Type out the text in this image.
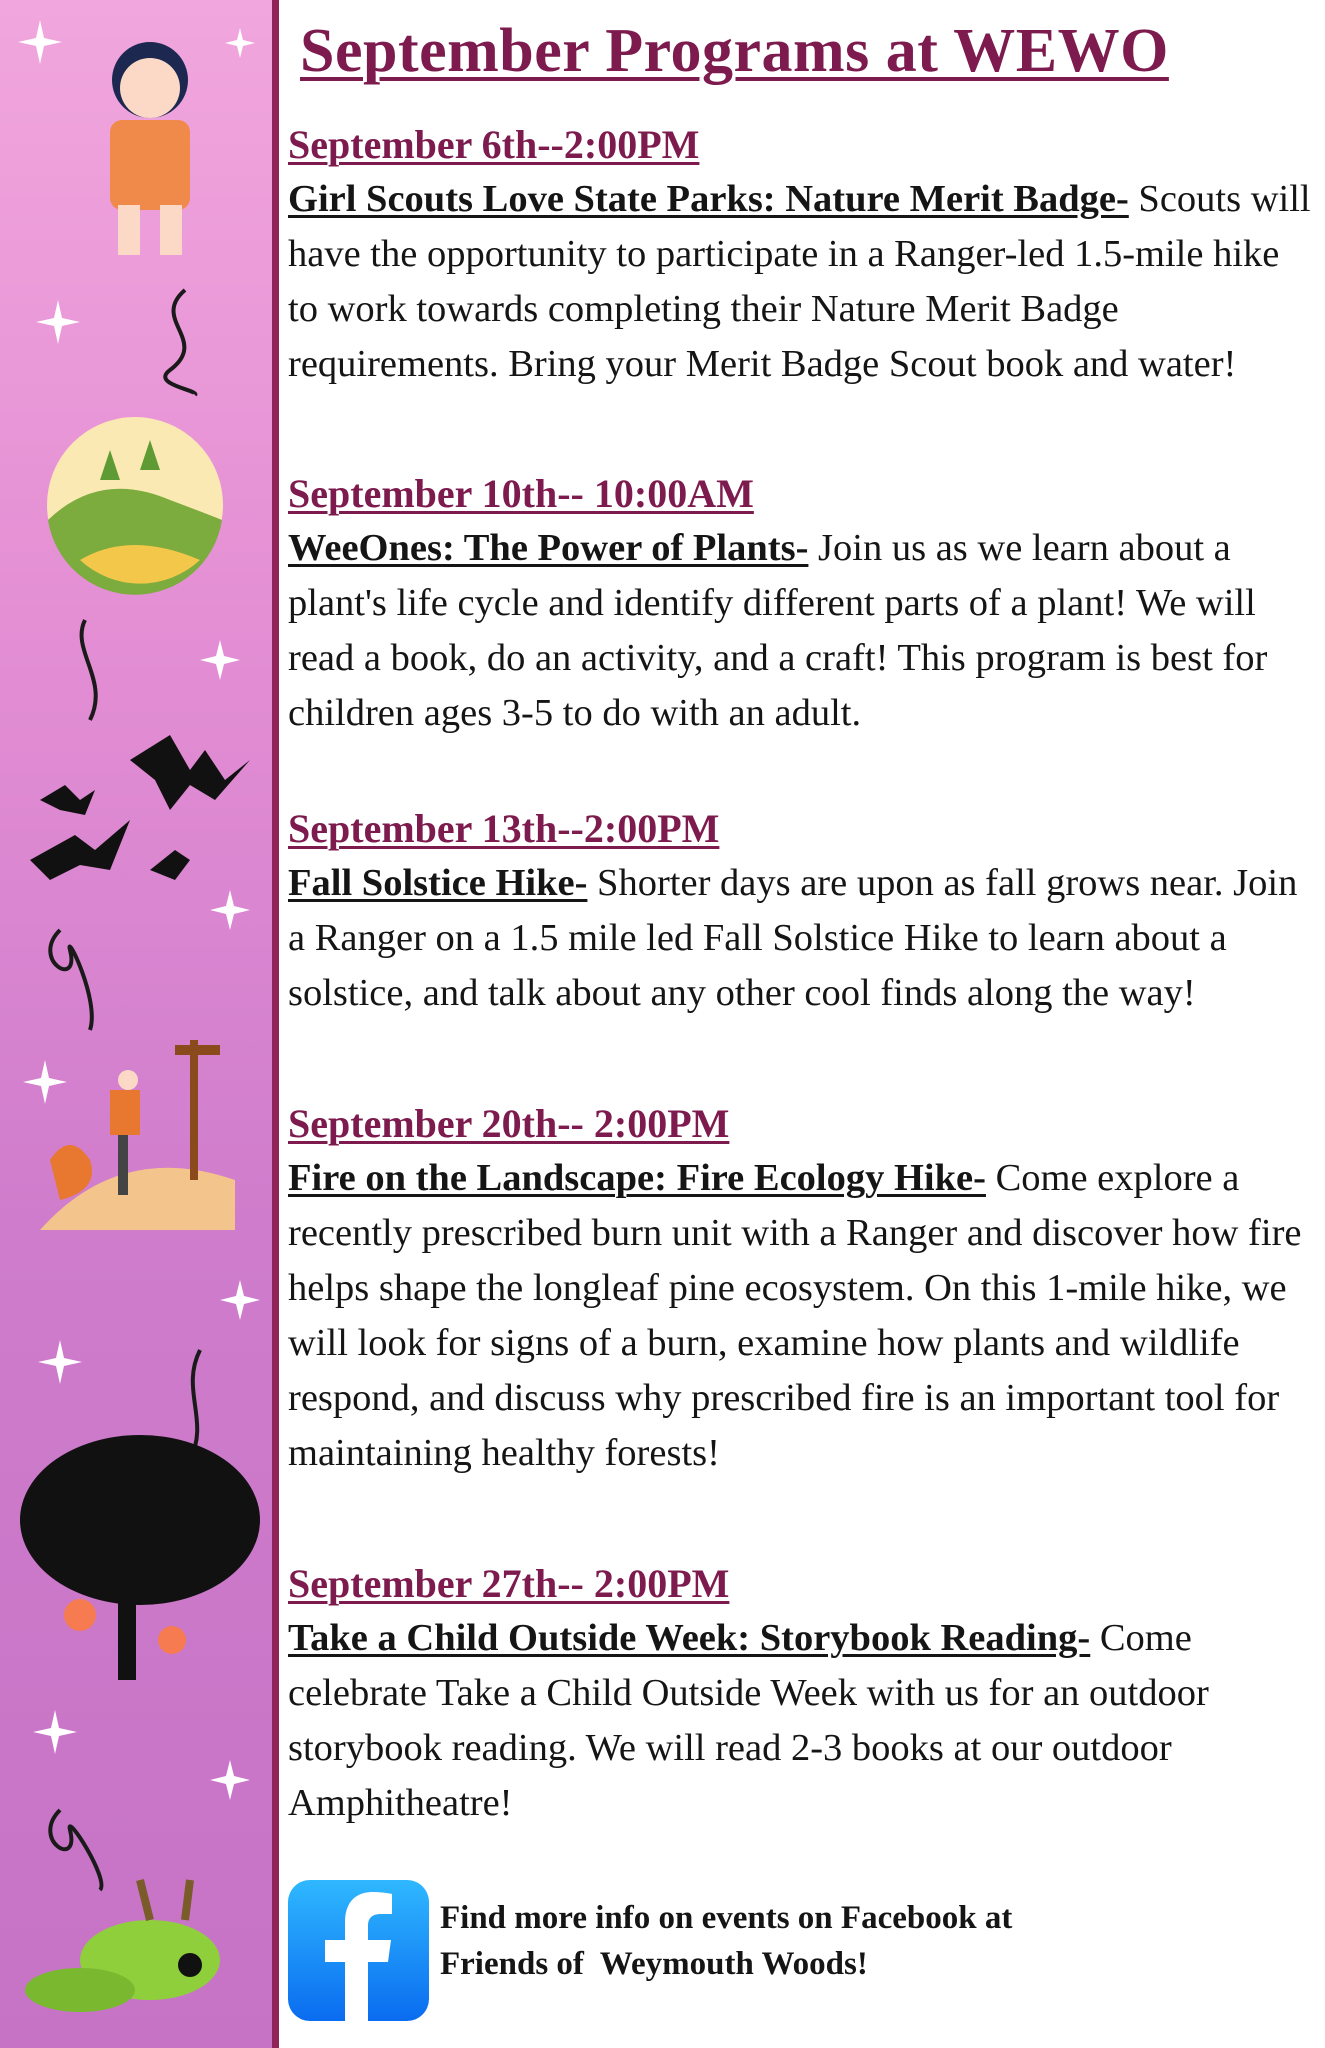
September Programs at WEWO
September 6th--2:00PM

Girl Scouts Love State Parks: Nature Merit Badge- Scouts will have the opportunity to participate in a Ranger-led 1.5-mile hike to work towards completing their Nature Merit Badge requirements. Bring your Merit Badge Scout book and water!

September 10th-- 10:00AM

WeeOnes: The Power of Plants- Join us as we learn about a plant's life cycle and identify different parts of a plant! We will read a book, do an activity, and a craft! This program is best for children ages 3-5 to do with an adult.

September 13th--2:00PM

Fall Solstice Hike- Shorter days are upon as fall grows near. Join a Ranger on a 1.5 mile led Fall Solstice Hike to learn about a solstice, and talk about any other cool finds along the way!

September 20th-- 2:00PM

Fire on the Landscape: Fire Ecology Hike- Come explore a recently prescribed burn unit with a Ranger and discover how fire helps shape the longleaf pine ecosystem. On this 1-mile hike, we will look for signs of a burn, examine how plants and wildlife respond, and discuss why prescribed fire is an important tool for maintaining healthy forests!

September 27th-- 2:00PM

Take a Child Outside Week: Storybook Reading- Come celebrate Take a Child Outside Week with us for an outdoor storybook reading. We will read 2-3 books at our outdoor Amphitheatre!

Find more info on events on Facebook at
Friends of  Weymouth Woods!
